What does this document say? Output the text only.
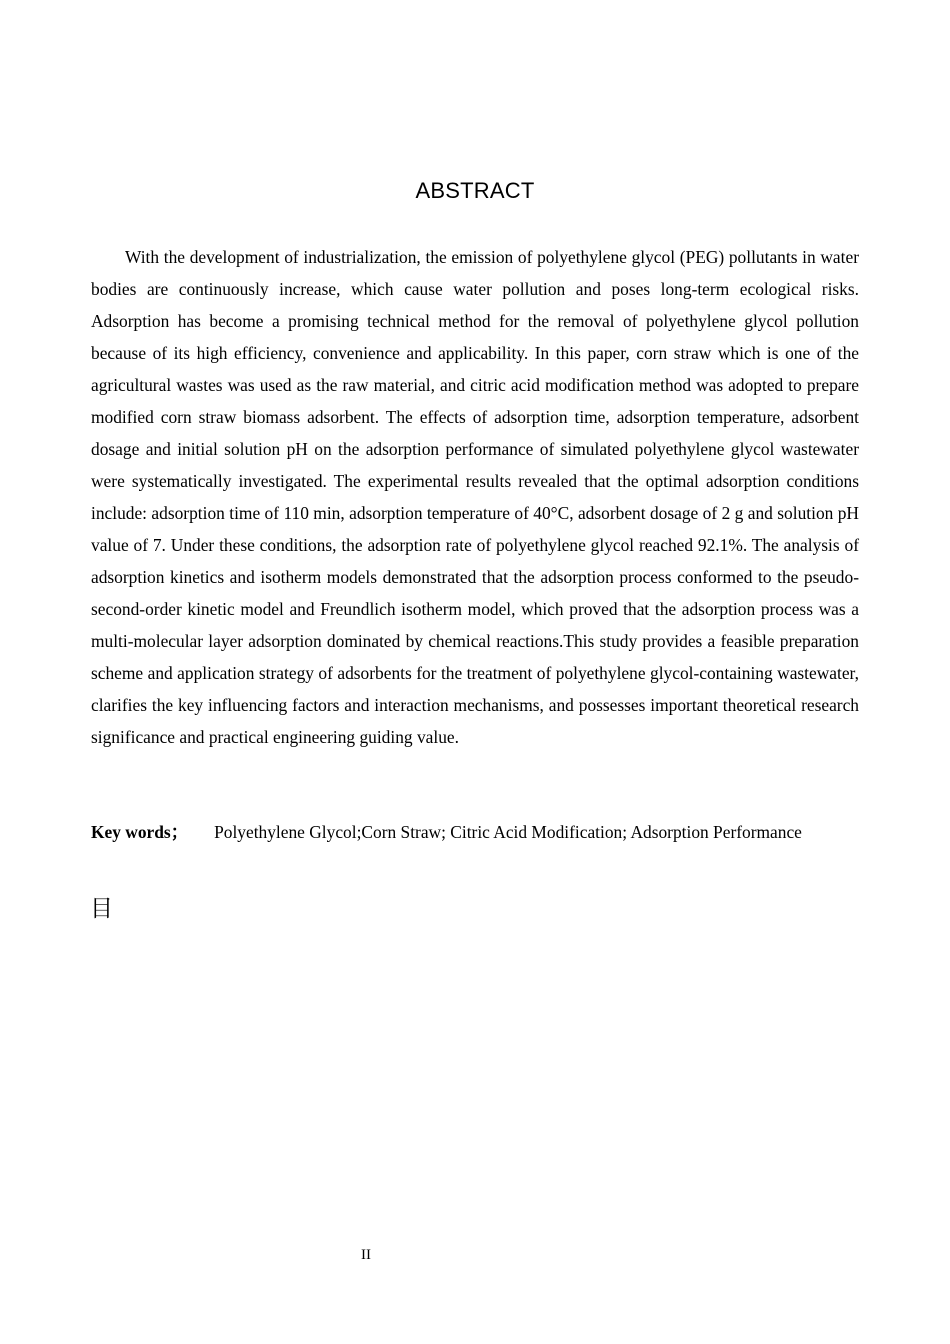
ABSTRACT

With the development of industrialization, the emission of polyethylene glycol (PEG) pollutants in water bodies are continuously increase, which cause water pollution and poses long-term ecological risks. Adsorption has become a promising technical method for the removal of polyethylene glycol pollution because of its high efficiency, convenience and applicability. In this paper, corn straw which is one of the agricultural wastes was used as the raw material, and citric acid modification method was adopted to prepare modified corn straw biomass adsorbent. The effects of adsorption time, adsorption temperature, adsorbent dosage and initial solution pH on the adsorption performance of simulated polyethylene glycol wastewater were systematically investigated. The experimental results revealed that the optimal adsorption conditions include: adsorption time of 110 min, adsorption temperature of 40°C, adsorbent dosage of 2 g and solution pH value of 7. Under these conditions, the adsorption rate of polyethylene glycol reached 92.1%. The analysis of adsorption kinetics and isotherm models demonstrated that the adsorption process conformed to the pseudo-second-order kinetic model and Freundlich isotherm model, which proved that the adsorption process was a multi-molecular layer adsorption dominated by chemical reactions.This study provides a feasible preparation scheme and application strategy of adsorbents for the treatment of polyethylene glycol-containing wastewater, clarifies the key influencing factors and interaction mechanisms, and possesses important theoretical research significance and practical engineering guiding value.

Key words； Polyethylene Glycol;Corn Straw; Citric Acid Modification; Adsorption Performance

目
II
